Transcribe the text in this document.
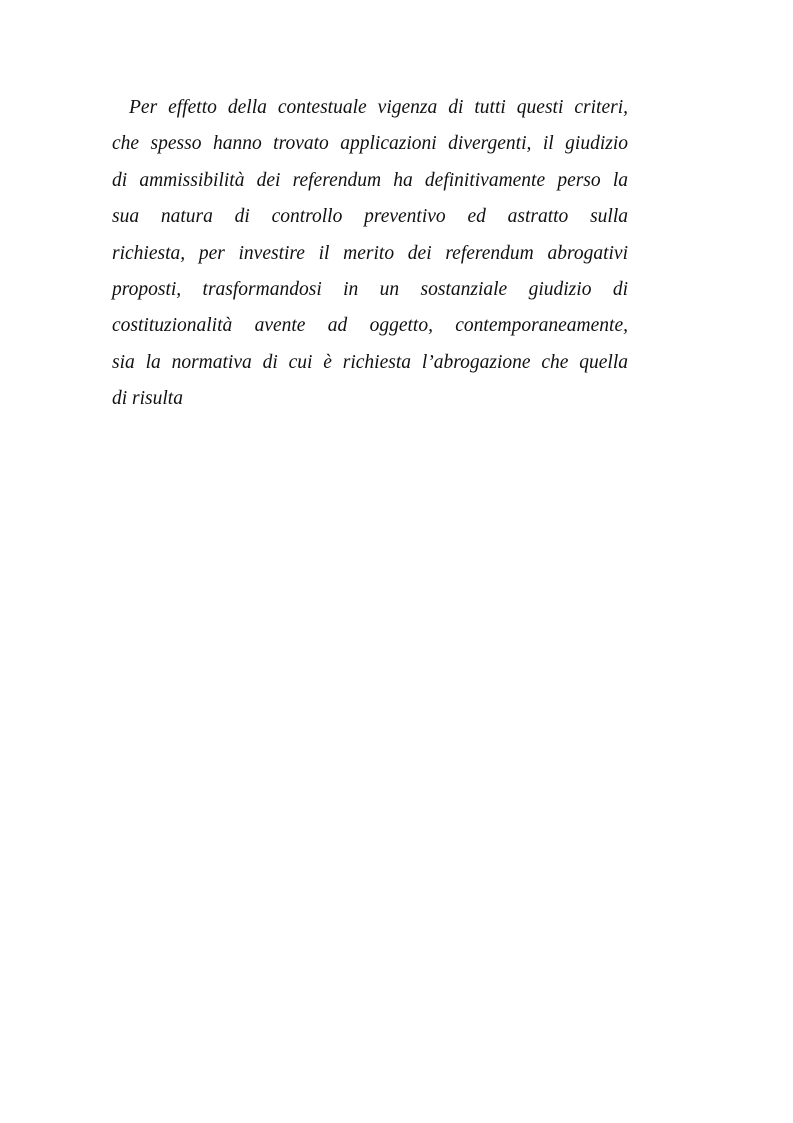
Per effetto della contestuale vigenza di tutti questi criteri,
che spesso hanno trovato applicazioni divergenti, il giudizio
di ammissibilità dei referendum ha definitivamente perso la
sua natura di controllo preventivo ed astratto sulla
richiesta, per investire il merito dei referendum abrogativi
proposti, trasformandosi in un sostanziale giudizio di
costituzionalità avente ad oggetto, contemporaneamente,
sia la normativa di cui è richiesta l’abrogazione che quella
di risulta
